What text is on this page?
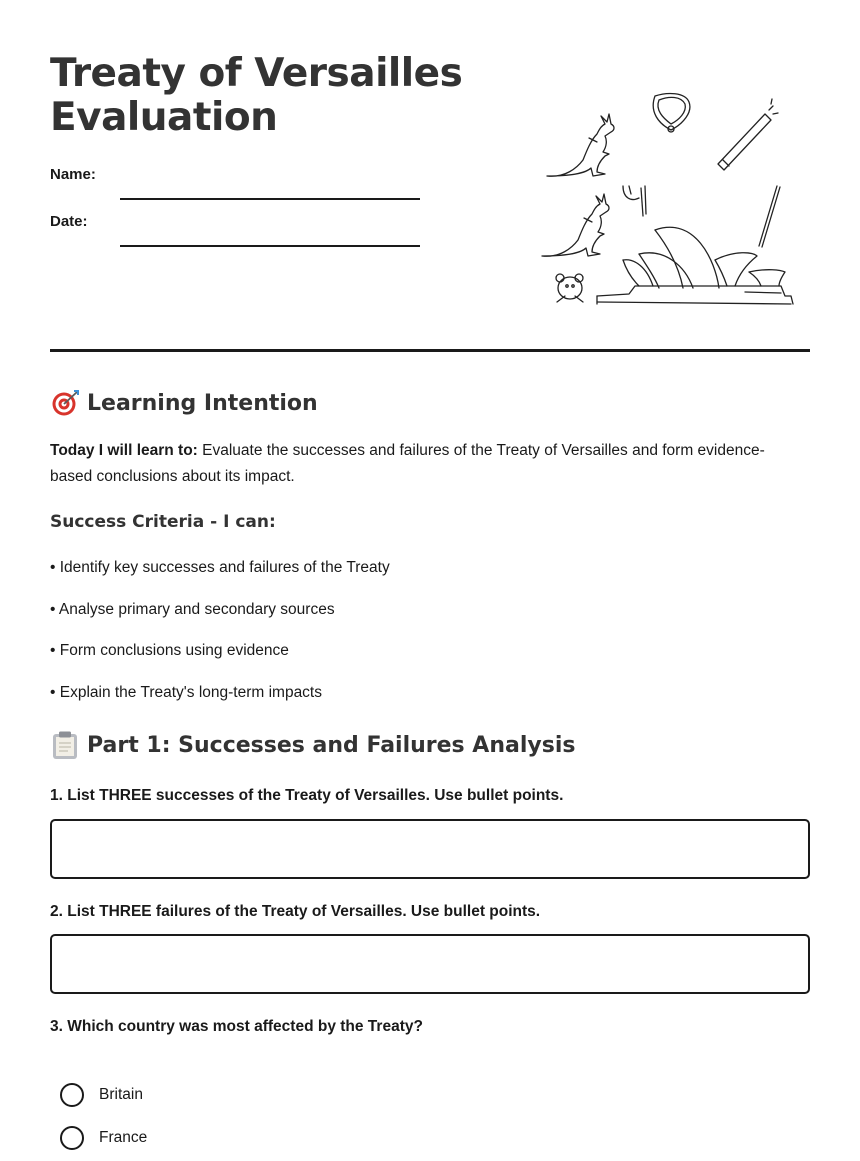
Treaty of Versailles Evaluation
Name:
Date:
Learning Intention

Today I will learn to: Evaluate the successes and failures of the Treaty of Versailles and form evidence-based conclusions about its impact.

Success Criteria - I can:
• Identify key successes and failures of the Treaty
• Analyse primary and secondary sources
• Form conclusions using evidence
• Explain the Treaty's long-term impacts
Part 1: Successes and Failures Analysis

1. List THREE successes of the Treaty of Versailles. Use bullet points.

2. List THREE failures of the Treaty of Versailles. Use bullet points.

3. Which country was most affected by the Treaty?

Britain
France
